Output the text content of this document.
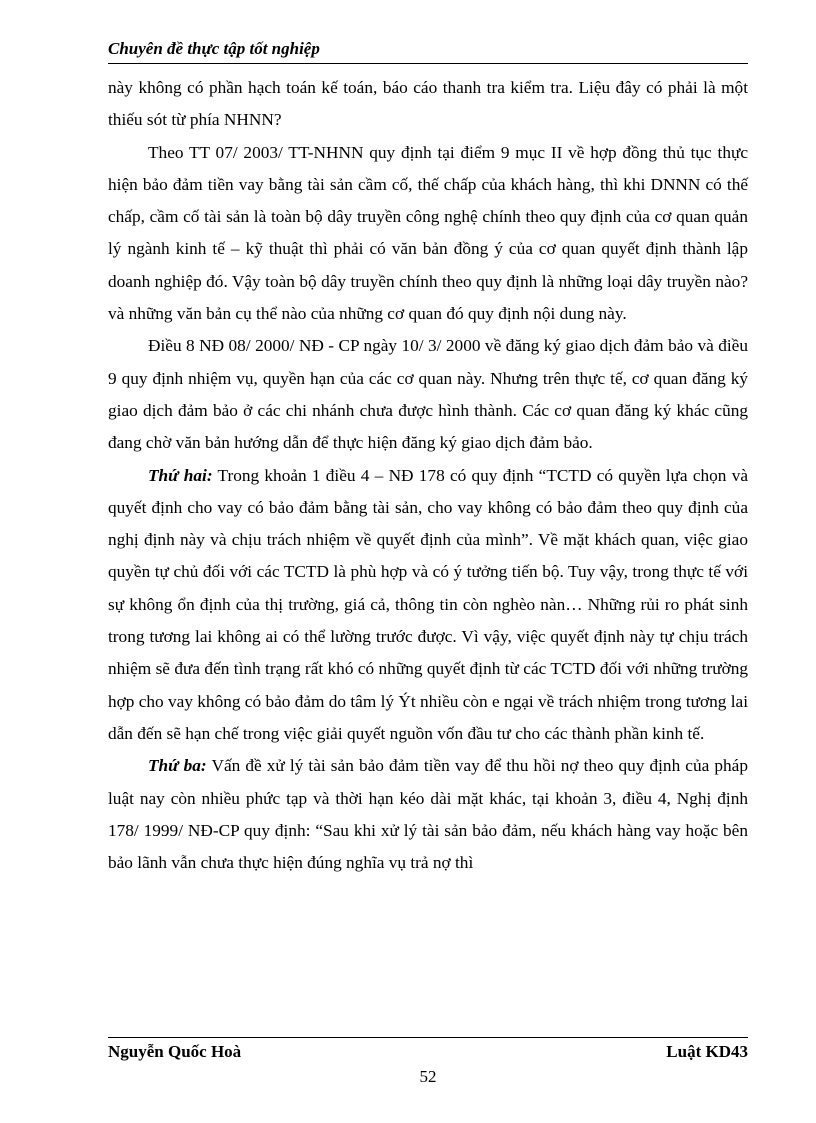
Chuyên đề thực tập tốt nghiệp

này không có phần hạch toán kế toán, báo cáo thanh tra kiểm tra. Liệu đây có phải là một thiếu sót từ phía NHNN?

Theo TT 07/ 2003/ TT-NHNN quy định tại điểm 9 mục II về hợp đồng thủ tục thực hiện bảo đảm tiền vay bằng tài sản cầm cố, thế chấp của khách hàng, thì khi DNNN có thế chấp, cầm cố tài sản là toàn bộ dây truyền công nghệ chính theo quy định của cơ quan quản lý ngành kinh tế – kỹ thuật thì phải có văn bản đồng ý của cơ quan quyết định thành lập doanh nghiệp đó. Vậy toàn bộ dây truyền chính theo quy định là những loại dây truyền nào? và những văn bản cụ thể nào của những cơ quan đó quy định nội dung này.

Điều 8 NĐ 08/ 2000/ NĐ - CP ngày 10/ 3/ 2000 về đăng ký giao dịch đảm bảo và điều 9 quy định nhiệm vụ, quyền hạn của các cơ quan này. Nhưng trên thực tế, cơ quan đăng ký giao dịch đảm bảo ở các chi nhánh chưa được hình thành. Các cơ quan đăng ký khác cũng đang chờ văn bản hướng dẫn để thực hiện đăng ký giao dịch đảm bảo.

Thứ hai: Trong khoản 1 điều 4 – NĐ 178 có quy định “TCTD có quyền lựa chọn và quyết định cho vay có bảo đảm bằng tài sản, cho vay không có bảo đảm theo quy định của nghị định này và chịu trách nhiệm về quyết định của mình”. Về mặt khách quan, việc giao quyền tự chủ đối với các TCTD là phù hợp và có ý tưởng tiến bộ. Tuy vậy, trong thực tế với sự không ổn định của thị trường, giá cả, thông tin còn nghèo nàn… Những rủi ro phát sinh trong tương lai không ai có thể lường trước được. Vì vậy, việc quyết định này tự chịu trách nhiệm sẽ đưa đến tình trạng rất khó có những quyết định từ các TCTD đối với những trường hợp cho vay không có bảo đảm do tâm lý Ýt nhiều còn e ngại về trách nhiệm trong tương lai dẫn đến sẽ hạn chế trong việc giải quyết nguồn vốn đầu tư cho các thành phần kinh tế.

Thứ ba: Vấn đề xử lý tài sản bảo đảm tiền vay để thu hồi nợ theo quy định của pháp luật nay còn nhiều phức tạp và thời hạn kéo dài mặt khác, tại khoản 3, điều 4, Nghị định 178/ 1999/ NĐ-CP quy định: “Sau khi xử lý tài sản bảo đảm, nếu khách hàng vay hoặc bên bảo lãnh vẫn chưa thực hiện đúng nghĩa vụ trả nợ thì

Nguyễn Quốc Hoà	Luật KD43
52
